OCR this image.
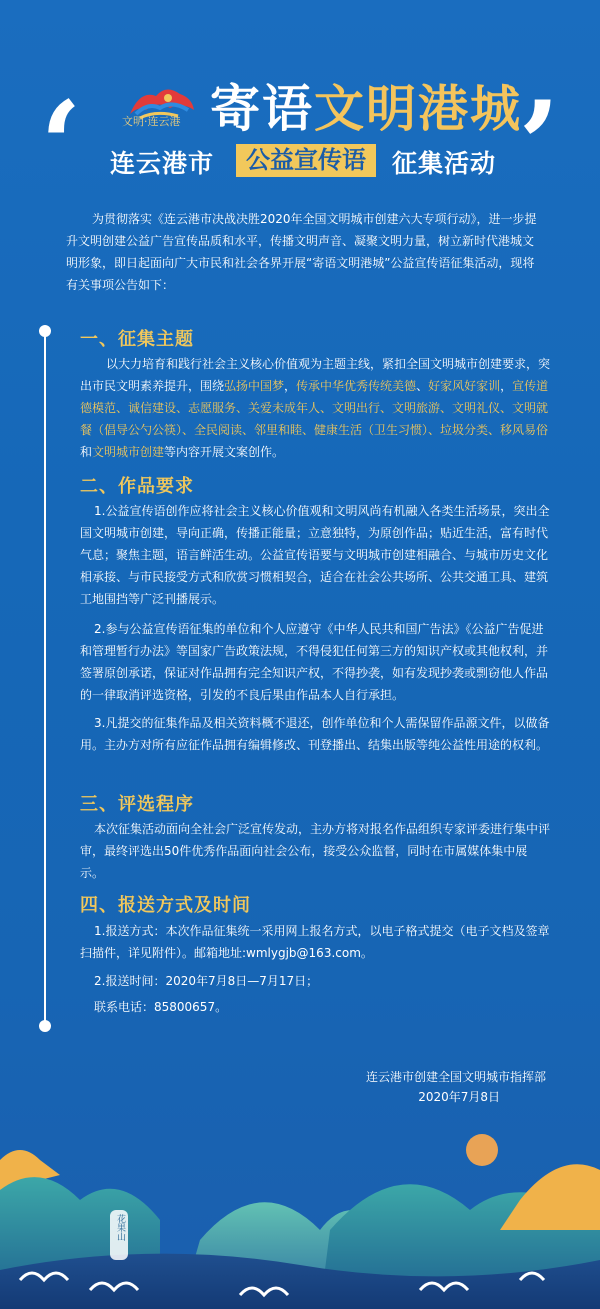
‘	’
文明·连云港 寄语文明港城
连云港市	公益宣传语	征集活动
为贯彻落实《连云港市决战决胜2020年全国文明城市创建六大专项行动》，进一步提升文明创建公益广告宣传品质和水平，传播文明声音、凝聚文明力量，树立新时代港城文明形象，即日起面向广大市民和社会各界开展“寄语文明港城”公益宣传语征集活动，现将有关事项公告如下：
一、征集主题
以大力培育和践行社会主义核心价值观为主题主线，紧扣全国文明城市创建要求，突出市民文明素养提升，围绕弘扬中国梦，传承中华优秀传统美德、好家风好家训，宣传道德模范、诚信建设、志愿服务、关爱未成年人、文明出行、文明旅游、文明礼仪、文明就餐（倡导公勺公筷）、全民阅读、邻里和睦、健康生活（卫生习惯）、垃圾分类、移风易俗和文明城市创建等内容开展文案创作。
二、作品要求
1.公益宣传语创作应将社会主义核心价值观和文明风尚有机融入各类生活场景，突出全国文明城市创建，导向正确，传播正能量；立意独特，为原创作品；贴近生活，富有时代气息；聚焦主题，语言鲜活生动。公益宣传语要与文明城市创建相融合、与城市历史文化相承接、与市民接受方式和欣赏习惯相契合，适合在社会公共场所、公共交通工具、建筑工地围挡等广泛刊播展示。
2.参与公益宣传语征集的单位和个人应遵守《中华人民共和国广告法》《公益广告促进和管理暂行办法》等国家广告政策法规，不得侵犯任何第三方的知识产权或其他权利，并签署原创承诺，保证对作品拥有完全知识产权，不得抄袭，如有发现抄袭或剽窃他人作品的一律取消评选资格，引发的不良后果由作品本人自行承担。
3.凡提交的征集作品及相关资料概不退还，创作单位和个人需保留作品源文件，以做备用。主办方对所有应征作品拥有编辑修改、刊登播出、结集出版等纯公益性用途的权利。
三、评选程序
本次征集活动面向全社会广泛宣传发动，主办方将对报名作品组织专家评委进行集中评审，最终评选出50件优秀作品面向社会公布，接受公众监督，同时在市属媒体集中展示。
四、报送方式及时间
1.报送方式：本次作品征集统一采用网上报名方式，以电子格式提交（电子文档及签章扫描件，详见附件）。邮箱地址:wmlygjb@163.com。
2.报送时间：2020年7月8日—7月17日；
联系电话：85800657。
连云港市创建全国文明城市指挥部
2020年7月8日
花果山
